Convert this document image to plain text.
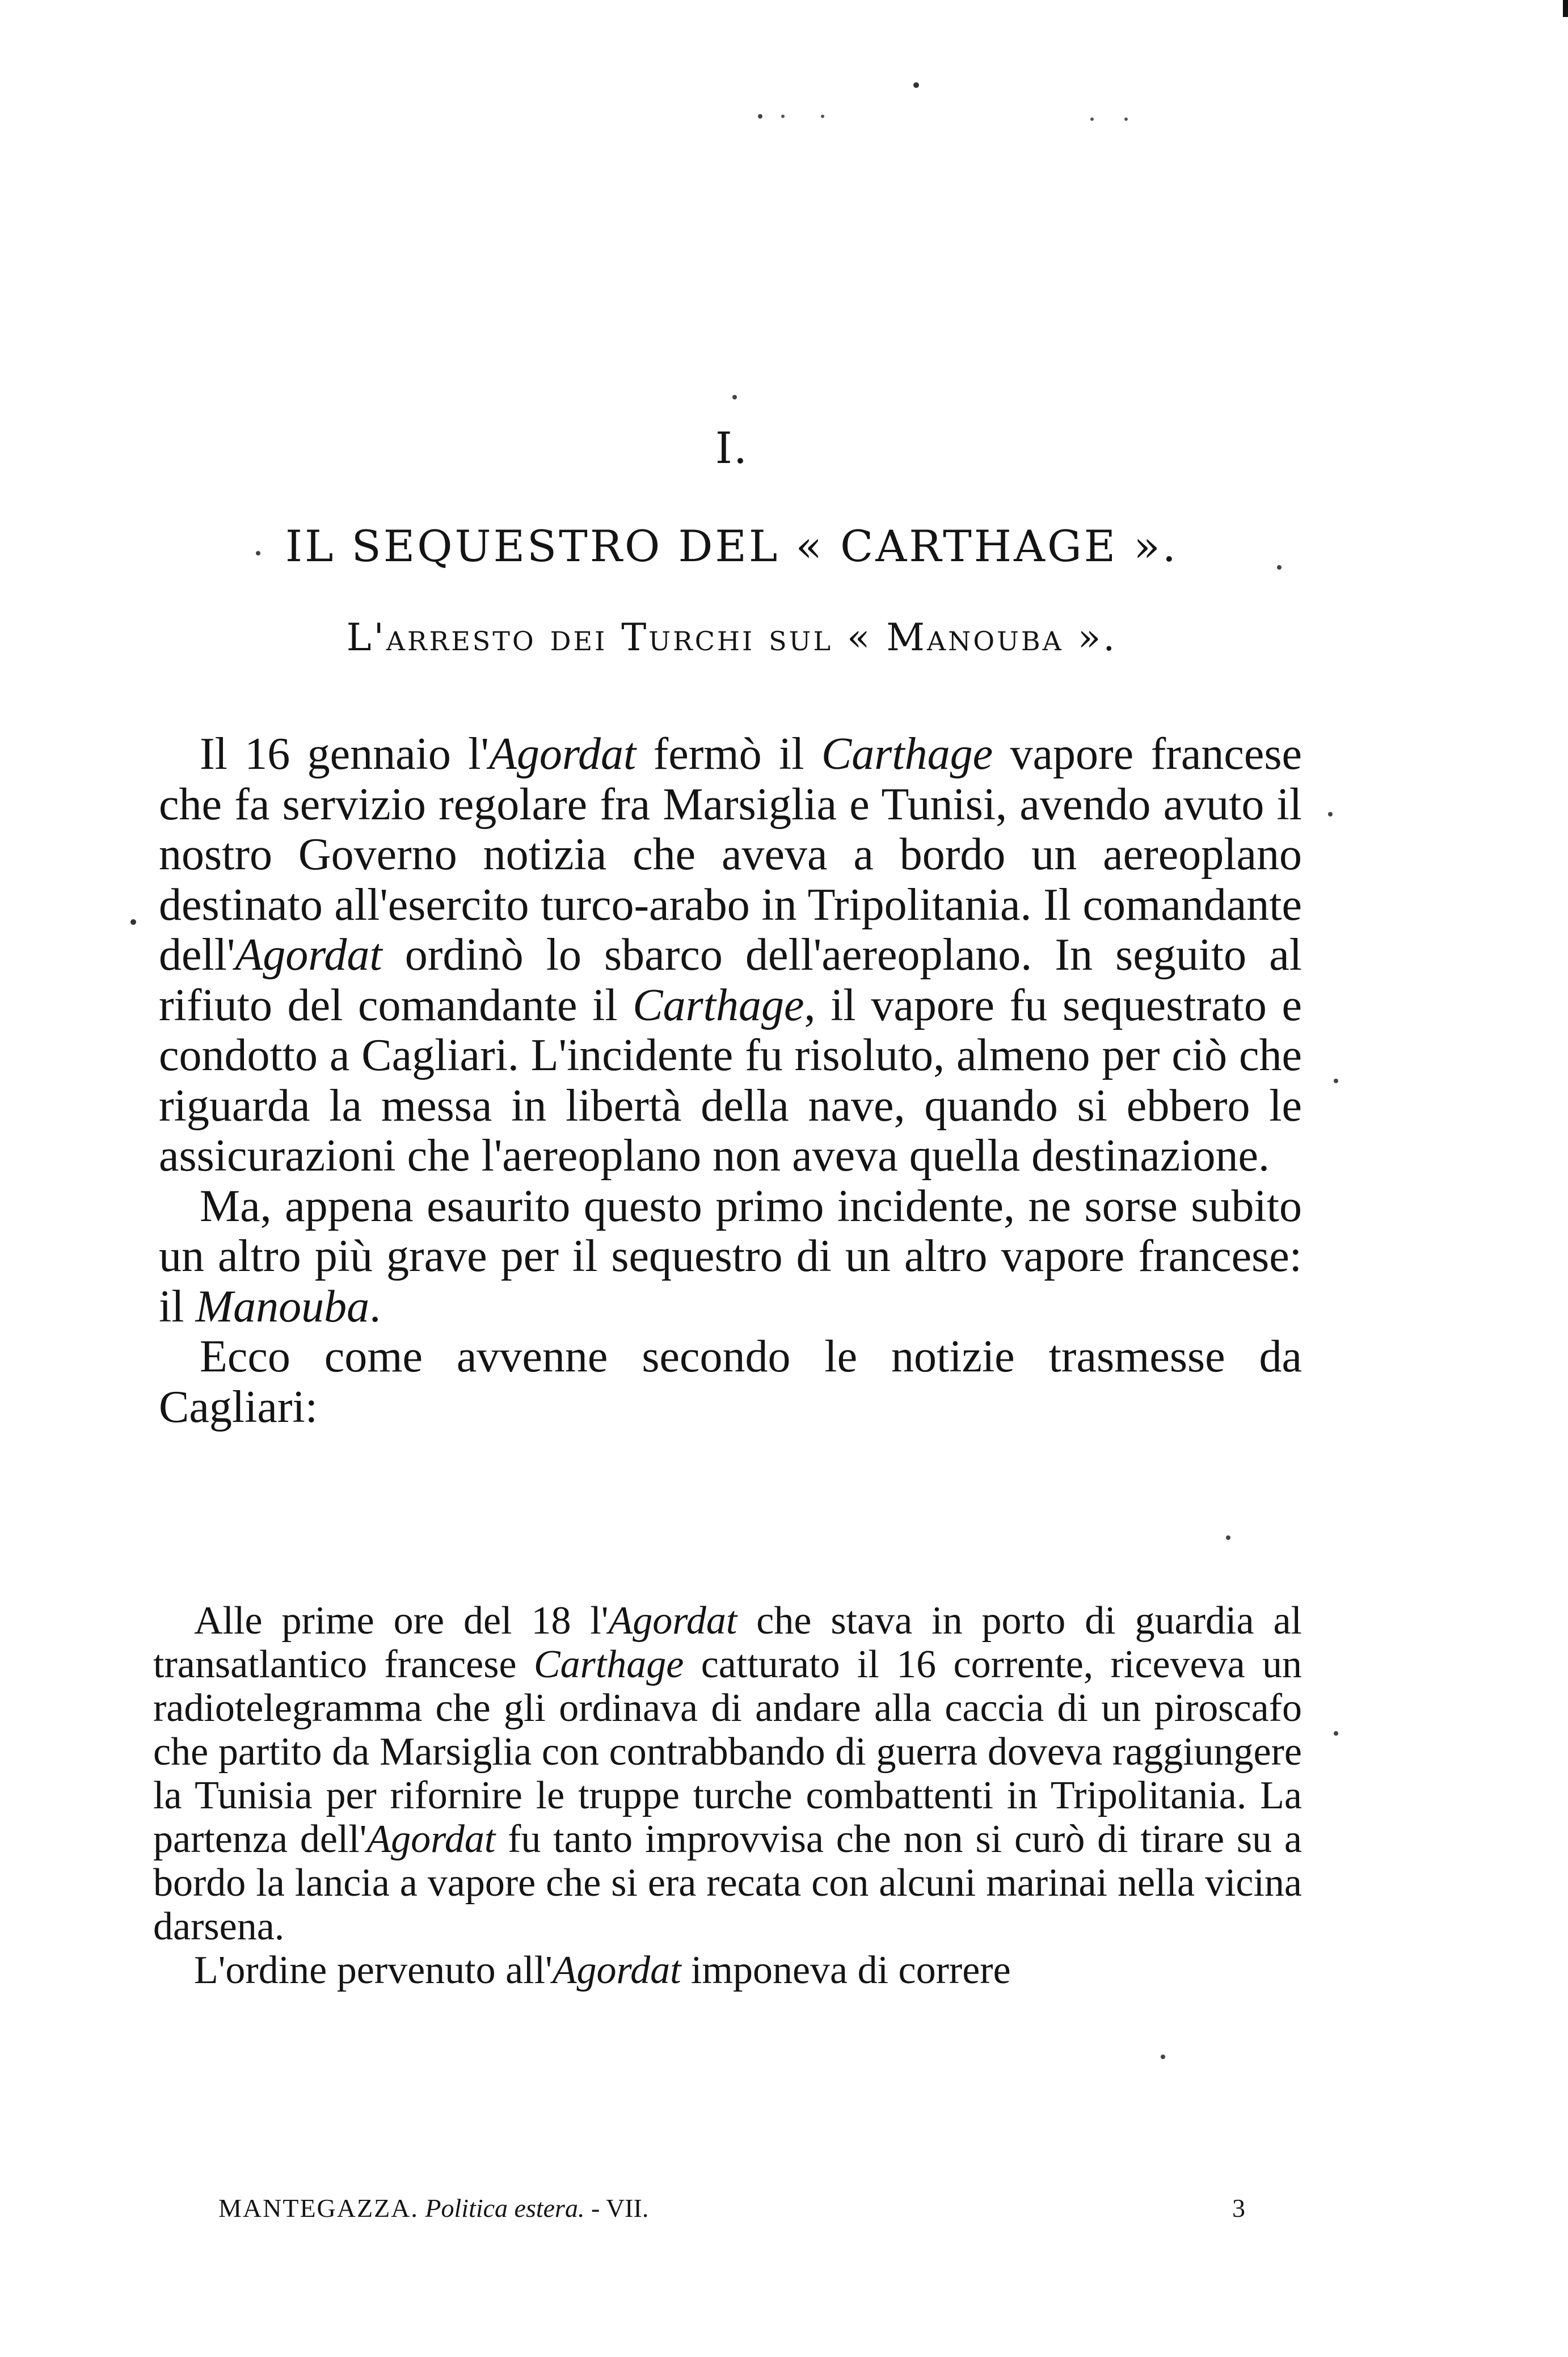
I.
IL SEQUESTRO DEL « CARTHAGE ».
L'arresto dei Turchi sul « Manouba ».

Il 16 gennaio l'Agordat fermò il Carthage vapore francese che fa servizio regolare fra Marsiglia e Tunisi, avendo avuto il nostro Governo notizia che aveva a bordo un aereoplano destinato all'esercito turco-arabo in Tripolitania. Il comandante dell'Agordat ordinò lo sbarco dell'aereoplano. In seguito al rifiuto del comandante il Carthage, il vapore fu sequestrato e condotto a Cagliari. L'incidente fu risoluto, almeno per ciò che riguarda la messa in libertà della nave, quando si ebbero le assicurazioni che l'aereoplano non aveva quella destinazione.

Ma, appena esaurito questo primo incidente, ne sorse subito un altro più grave per il sequestro di un altro vapore francese: il Manouba.

Ecco come avvenne secondo le notizie trasmesse da Cagliari:

Alle prime ore del 18 l'Agordat che stava in porto di guardia al transatlantico francese Carthage catturato il 16 corrente, riceveva un radiotelegramma che gli ordinava di andare alla caccia di un piroscafo che partito da Marsiglia con contrabbando di guerra doveva raggiungere la Tunisia per rifornire le truppe turche combattenti in Tripolitania. La partenza dell'Agordat fu tanto improvvisa che non si curò di tirare su a bordo la lancia a vapore che si era recata con alcuni marinai nella vicina darsena.

L'ordine pervenuto all'Agordat imponeva di correre

MANTEGAZZA. Politica estera. - VII.	3
